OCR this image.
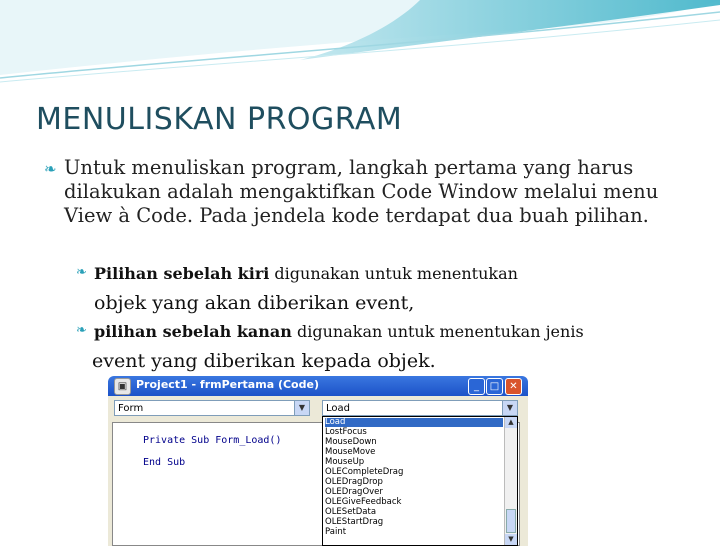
MENULISKAN PROGRAM
❧ Untuk menuliskan program, langkah pertama yang harus dilakukan adalah mengaktifkan Code Window melalui menu View à Code. Pada jendela kode terdapat dua buah pilihan.
❧ Pilihan sebelah kiri digunakan untuk menentukan
objek yang akan diberikan event,
❧ pilihan sebelah kanan digunakan untuk menentukan jenis
event yang diberikan kepada objek.
▣ Project1 - frmPertama (Code)	_	□	✕
Form	▼	Load	▼
Private Sub Form_Load()
End Sub
Load
LostFocus
MouseDown
MouseMove
MouseUp
OLECompleteDrag
OLEDragDrop
OLEDragOver
OLEGiveFeedback
OLESetData
OLEStartDrag
Paint
▲
▼
